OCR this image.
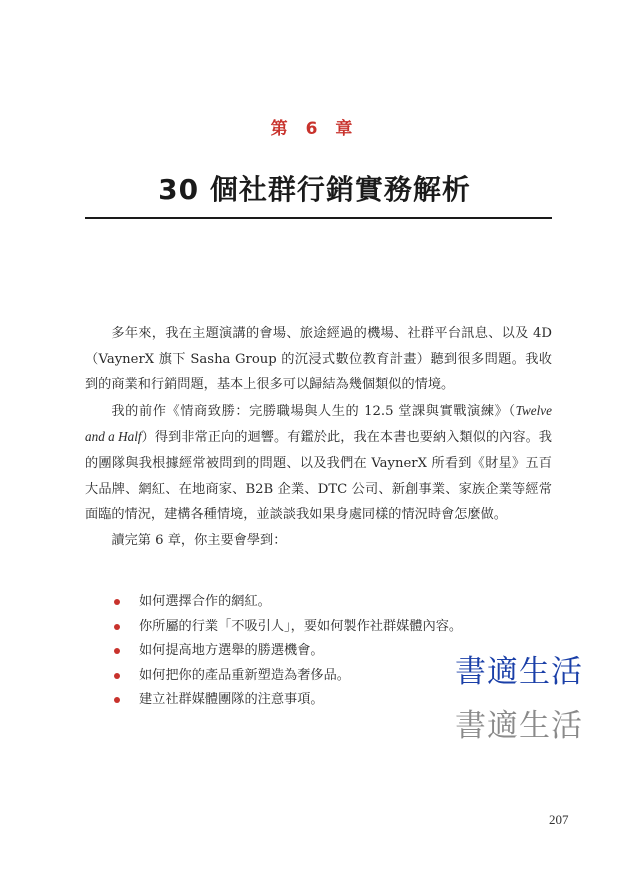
第 6 章
30 個社群行銷實務解析

多年來，我在主題演講的會場、旅途經過的機場、社群平台訊息、以及 4D（VaynerX 旗下 Sasha Group 的沉浸式數位教育計畫）聽到很多問題。我收到的商業和行銷問題，基本上很多可以歸結為幾個類似的情境。

我的前作《情商致勝：完勝職場與人生的 12.5 堂課與實戰演練》（Twelve and a Half）得到非常正向的迴響。有鑑於此，我在本書也要納入類似的內容。我的團隊與我根據經常被問到的問題、以及我們在 VaynerX 所看到《財星》五百大品牌、網紅、在地商家、B2B 企業、DTC 公司、新創事業、家族企業等經常面臨的情況，建構各種情境，並談談我如果身處同樣的情況時會怎麼做。

讀完第 6 章，你主要會學到：

如何選擇合作的網紅。
你所屬的行業「不吸引人」，要如何製作社群媒體內容。
如何提高地方選舉的勝選機會。
如何把你的產品重新塑造為奢侈品。
建立社群媒體團隊的注意事項。
書適生活
書適生活
207
